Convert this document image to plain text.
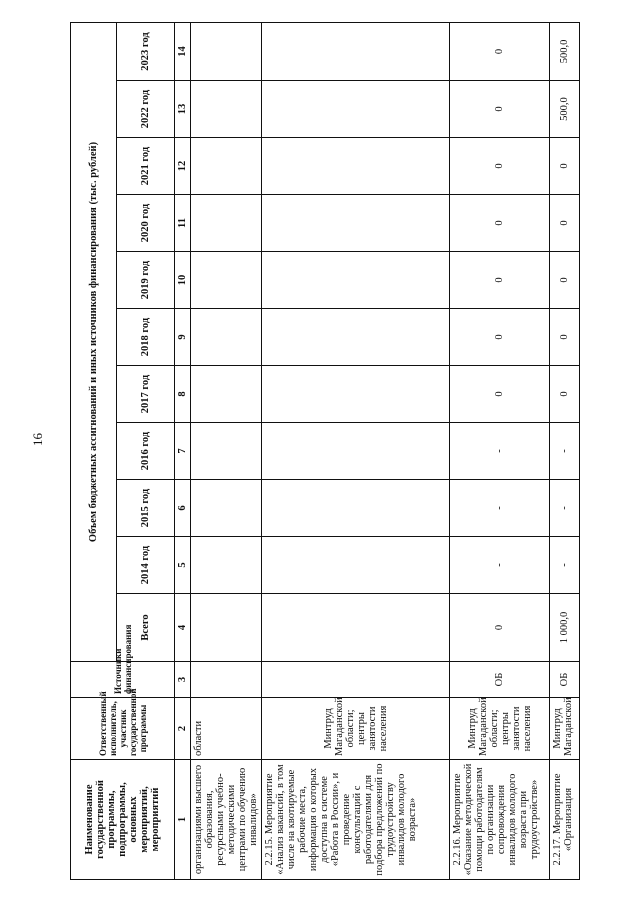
16
Наименование государственной программы, подпрограммы, основных мероприятий, мероприятий	Ответственный исполнитель, участник государственной программы	Источники финансирования	Объем бюджетных ассигнований и иных источников финансирования (тыс. рублей)										
			Всего	2014 год	2015 год	2016 год	2017 год	2018 год	2019 год	2020 год	2021 год	2022 год	2023 год
1	2	3	4	5	6	7	8	9	10	11	12	13	14
организациями высшего образования, ресурсными учебно-методическими центрами по обучению инвалидов»	области												
2.2.15. Мероприятие «Анализ вакансий, в том числе на квотируемые рабочие места, информация о которых доступна в системе «Работа в России», и проведение консультаций с работодателями для подбора предложений по трудоустройству инвалидов молодого возраста»	Минтруд Магаданской области; центры занятости населения												
2.2.16. Мероприятие «Оказание методической помощи работодателям по организации сопровождения инвалидов молодого возраста при трудоустройстве»	Минтруд Магаданской области; центры занятости населения	ОБ	0	-	-	-	0	0	0	0	0	0	0
2.2.17. Мероприятие «Организация	Минтруд Магаданской	ОБ	1 000,0	-	-	-	0	0	0	0	0	500,0	500,0
